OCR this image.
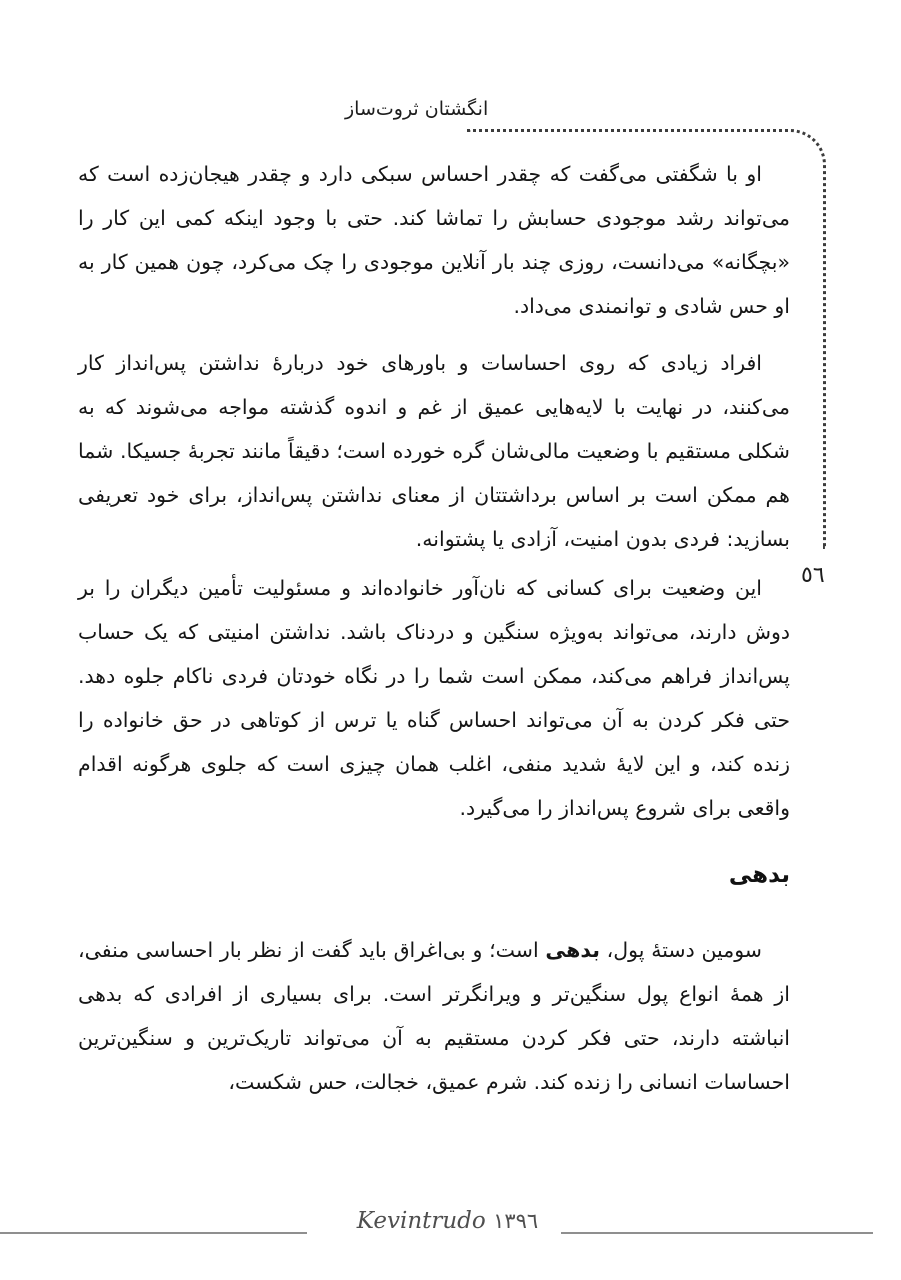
انگشتان ثروت‌ساز
٥٦

او با شگفتی می‌گفت که چقدر احساس سبکی دارد و چقدر هیجان‌زده است که می‌تواند رشد موجودی حسابش را تماشا کند. حتی با وجود اینکه کمی این کار را «بچگانه» می‌دانست، روزی چند بار آنلاین موجودی را چک می‌کرد، چون همین کار به او حس شادی و توانمندی می‌داد.

افراد زیادی که روی احساسات و باورهای خود دربارهٔ نداشتن پس‌انداز کار می‌کنند، در نهایت با لایه‌هایی عمیق از غم و اندوه گذشته مواجه می‌شوند که به شکلی مستقیم با وضعیت مالی‌شان گره خورده است؛ دقیقاً مانند تجربهٔ جسیکا. شما هم ممکن است بر اساس برداشتتان از معنای نداشتن پس‌انداز، برای خود تعریفی بسازید: فردی بدون امنیت، آزادی یا پشتوانه.

این وضعیت برای کسانی که نان‌آور خانواده‌اند و مسئولیت تأمین دیگران را بر دوش دارند، می‌تواند به‌ویژه سنگین و دردناک باشد. نداشتن امنیتی که یک حساب پس‌انداز فراهم می‌کند، ممکن است شما را در نگاه خودتان فردی ناکام جلوه دهد. حتی فکر کردن به آن می‌تواند احساس گناه یا ترس از کوتاهی در حق خانواده را زنده کند، و این لایهٔ شدید منفی، اغلب همان چیزی است که جلوی هرگونه اقدام واقعی برای شروع پس‌انداز را می‌گیرد.

بدهی

سومین دستهٔ پول، بدهی است؛ و بی‌اغراق باید گفت از نظر بار احساسی منفی، از همهٔ انواع پول سنگین‌تر و ویرانگرتر است. برای بسیاری از افرادی که بدهی انباشته دارند، حتی فکر کردن مستقیم به آن می‌تواند تاریک‌ترین و سنگین‌ترین احساسات انسانی را زنده کند. شرم عمیق، خجالت، حس شکست،

Kevintrudo ١٣٩٦
